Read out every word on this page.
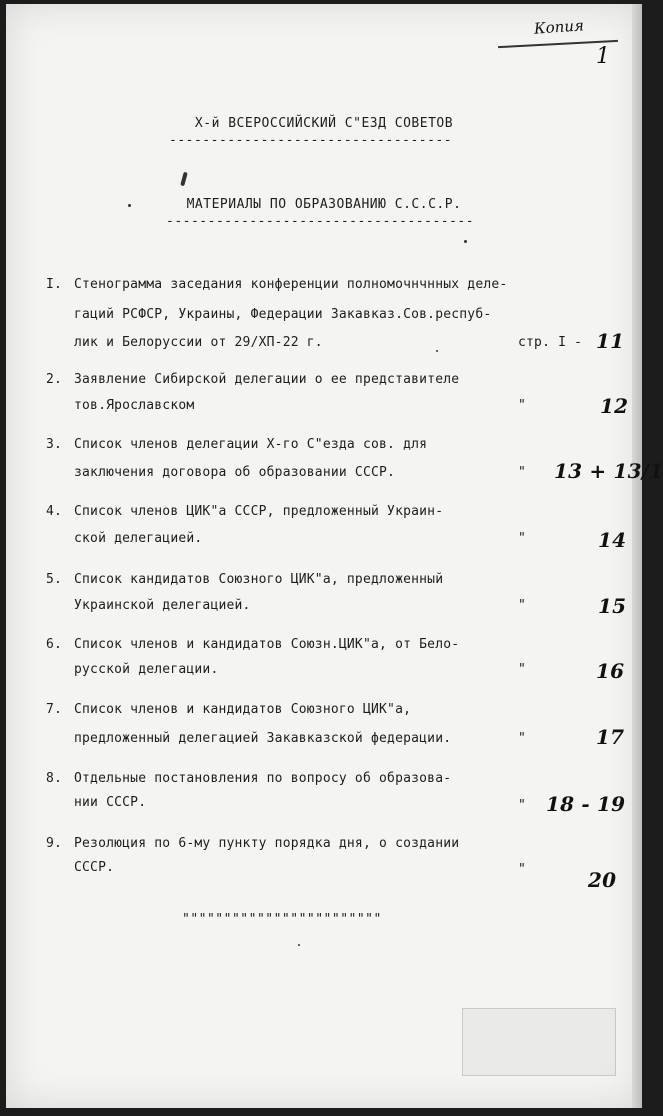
Копия
1
Х-й ВСЕРОССИЙСКИЙ С"ЕЗД СОВЕТОВ
----------------------------------
МАТЕРИАЛЫ ПО ОБРАЗОВАНИЮ С.С.С.Р.
-------------------------------------
I. Стенограмма заседания конференции полномочнчнных деле-
гаций РСФСР, Украины, Федерации Закавказ.Сов.респуб-
лик и Белоруссии от 29/ХП-22 г.	стр. I - 11
2. Заявление Сибирской делегации о ее представителе
тов.Ярославском	"	12
3. Список членов делегации Х-го С"езда сов. для
заключения договора об образовании СССР.	" 13 + 13/1
4. Список членов ЦИК"а СССР, предложенный Украин-
ской делегацией.	"	14
5. Список кандидатов Союзного ЦИК"а, предложенный
Украинской делегацией.	"	15
6. Список членов и кандидатов Союзн.ЦИК"а, от Бело-
русской делегации.	"	16
7. Список членов и кандидатов Союзного ЦИК"а,
предложенный делегацией Закавказской федерации.	"	17
8. Отдельные постановления по вопросу об образова-
нии СССР.	" 18 - 19
9. Резолюция по 6-му пункту порядка дня, о создании
СССР.	"	20
""""""""""""""""""""""""
